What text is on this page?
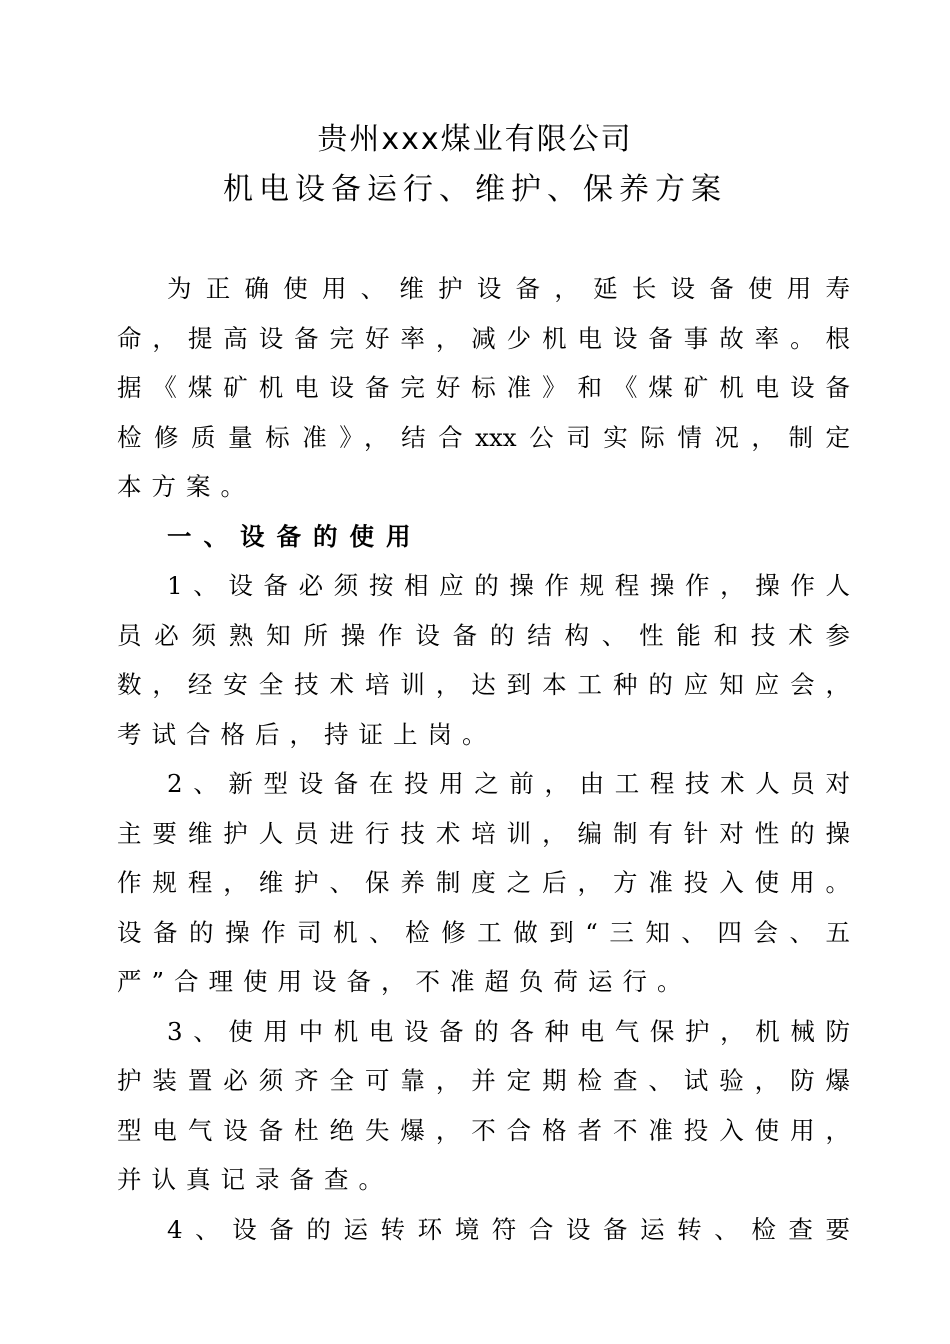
贵州xxx煤业有限公司
机电设备运行、维护、保养方案
为正确使用、维护设备，延长设备使用寿
命，提高设备完好率，减少机电设备事故率。根
据《煤矿机电设备完好标准》和《煤矿机电设备
检修质量标准》，结合xxx公司实际情况，制定
本方案。
一、设备的使用
1、设备必须按相应的操作规程操作，操作人
员必须熟知所操作设备的结构、性能和技术参
数，经安全技术培训，达到本工种的应知应会，
考试合格后，持证上岗。
2、新型设备在投用之前，由工程技术人员对
主要维护人员进行技术培训，编制有针对性的操
作规程，维护、保养制度之后，方准投入使用。
设备的操作司机、检修工做到“三知、四会、五
严”合理使用设备，不准超负荷运行。
3、使用中机电设备的各种电气保护，机械防
护装置必须齐全可靠，并定期检查、试验，防爆
型电气设备杜绝失爆，不合格者不准投入使用，
并认真记录备查。
4、设备的运转环境符合设备运转、检查要
